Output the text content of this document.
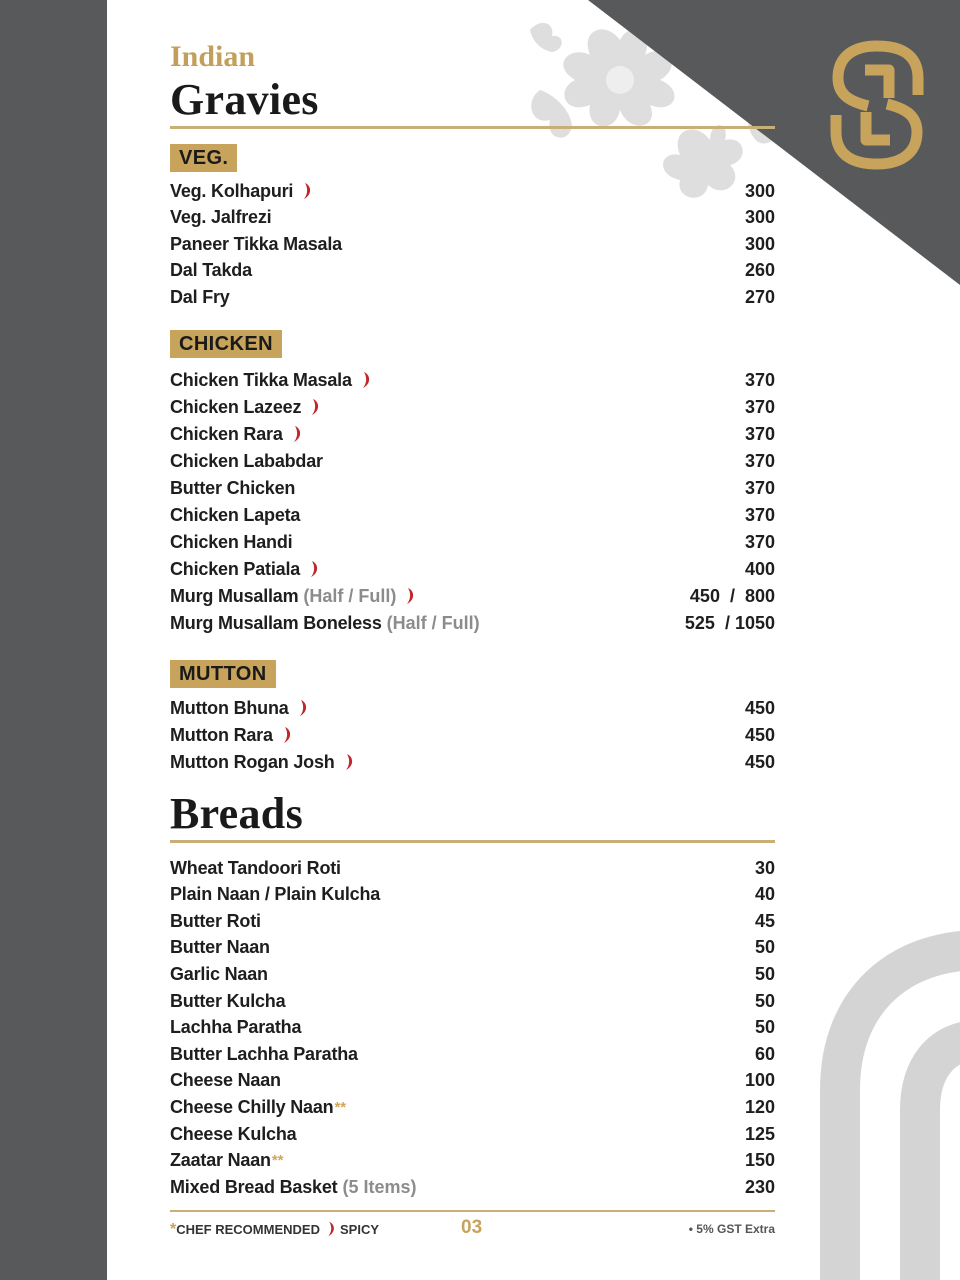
Indian
Gravies
VEG.
Veg. Kolhapuri	300
Veg. Jalfrezi	300
Paneer Tikka Masala	300
Dal Takda	260
Dal Fry	270
CHICKEN
Chicken Tikka Masala	370
Chicken Lazeez	370
Chicken Rara	370
Chicken Lababdar	370
Butter Chicken	370
Chicken Lapeta	370
Chicken Handi	370
Chicken Patiala	400
Murg Musallam (Half / Full)	450  /  800
Murg Musallam Boneless (Half / Full)	525  / 1050
MUTTON
Mutton Bhuna	450
Mutton Rara	450
Mutton Rogan Josh	450
Breads
Wheat Tandoori Roti	30
Plain Naan / Plain Kulcha	40
Butter Roti	45
Butter Naan	50
Garlic Naan	50
Butter Kulcha	50
Lachha Paratha	50
Butter Lachha Paratha	60
Cheese Naan	100
Cheese Chilly Naan **	120
Cheese Kulcha	125
Zaatar Naan **	150
Mixed Bread Basket (5 Items)	230
*CHEF RECOMMENDED	SPICY	03	• 5% GST Extra
